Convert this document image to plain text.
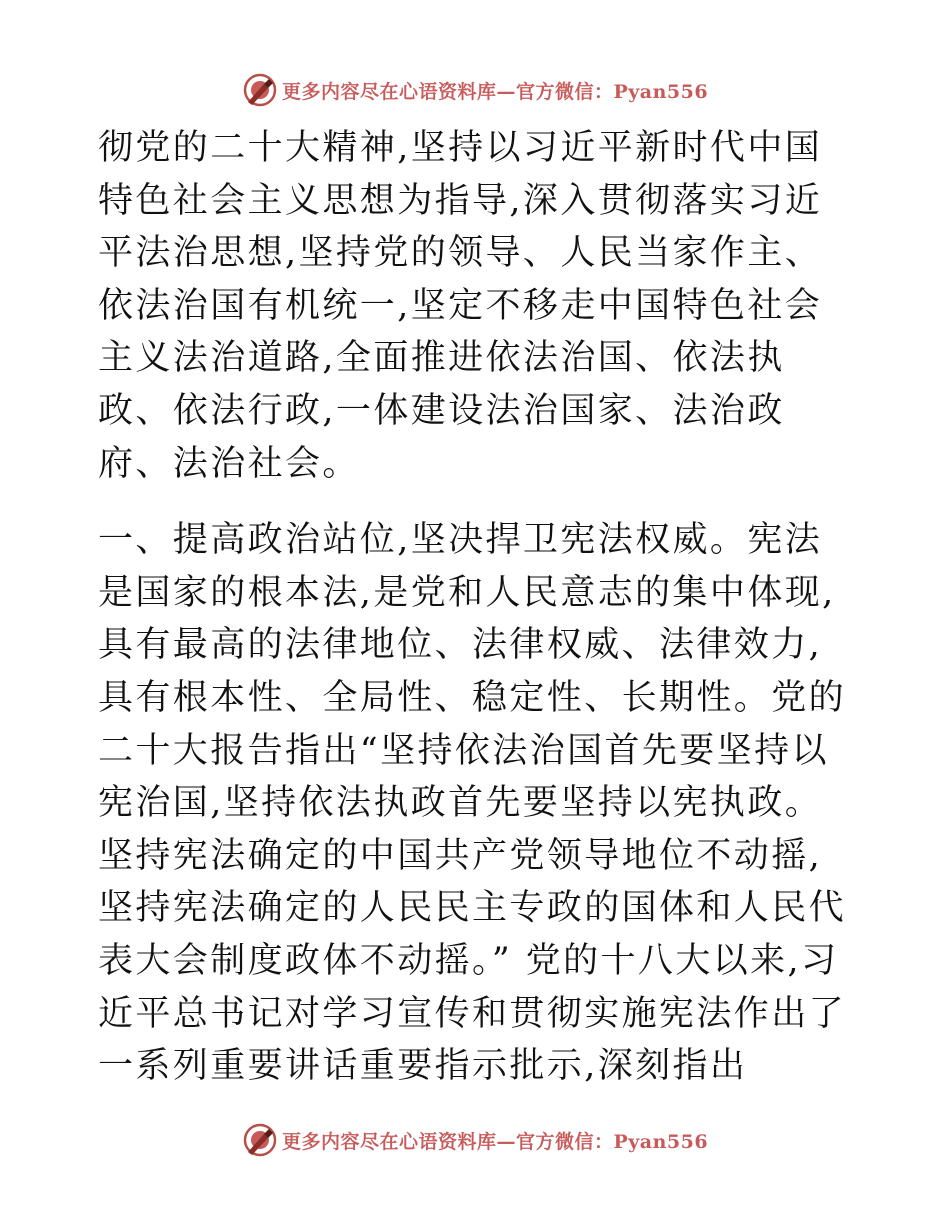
更多内容尽在心语资料库—官方微信：Pyan556

彻党的二十大精神,坚持以习近平新时代中国特色社会主义思想为指导,深入贯彻落实习近平法治思想,坚持党的领导、人民当家作主、依法治国有机统一,坚定不移走中国特色社会主义法治道路,全面推进依法治国、依法执政、依法行政,一体建设法治国家、法治政府、法治社会。

一、提高政治站位,坚决捍卫宪法权威。宪法是国家的根本法,是党和人民意志的集中体现,具有最高的法律地位、法律权威、法律效力,具有根本性、全局性、稳定性、长期性。党的二十大报告指出“坚持依法治国首先要坚持以宪治国,坚持依法执政首先要坚持以宪执政。坚持宪法确定的中国共产党领导地位不动摇,坚持宪法确定的人民民主专政的国体和人民代表大会制度政体不动摇。” 党的十八大以来,习近平总书记对学习宣传和贯彻实施宪法作出了一系列重要讲话重要指示批示,深刻指出

更多内容尽在心语资料库—官方微信：Pyan556
